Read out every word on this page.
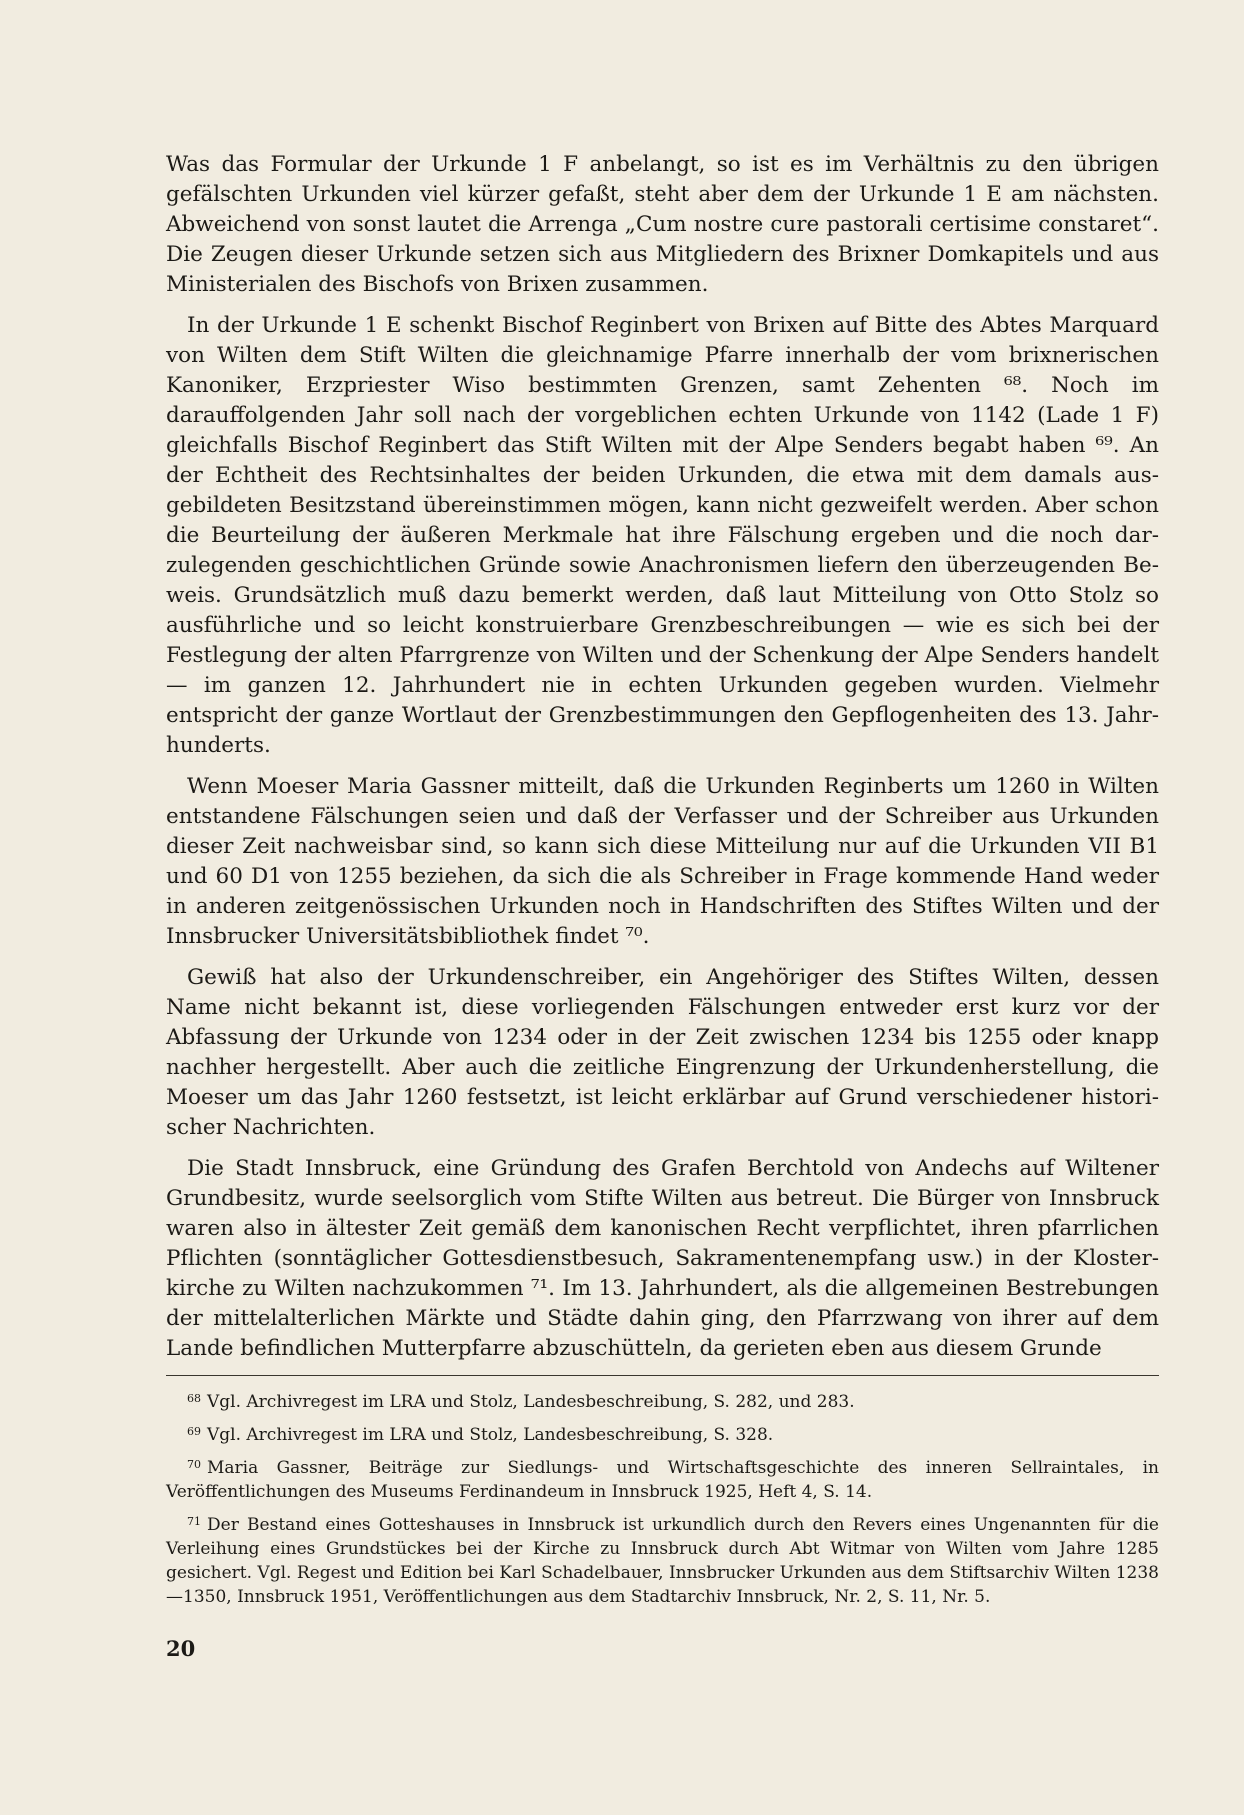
Was das Formular der Urkunde 1 F anbelangt, so ist es im Verhältnis zu den übrigen gefälschten Urkunden viel kürzer gefaßt, steht aber dem der Urkunde 1 E am nächsten. Abweichend von sonst lautet die Arrenga „Cum nostre cure pastorali certisime constaret“. Die Zeugen dieser Urkunde setzen sich aus Mitgliedern des Brixner Domkapitels und aus Ministerialen des Bischofs von Brixen zusammen.

In der Urkunde 1 E schenkt Bischof Reginbert von Brixen auf Bitte des Abtes Marquard von Wilten dem Stift Wilten die gleichnamige Pfarre innerhalb der vom brixnerischen Kanoniker, Erzpriester Wiso bestimmten Grenzen, samt Zehenten ⁶⁸. Noch im darauffolgenden Jahr soll nach der vorgeblichen echten Urkunde von 1142 (Lade 1 F) gleichfalls Bischof Reginbert das Stift Wilten mit der Alpe Senders begabt haben ⁶⁹. An der Echtheit des Rechtsinhaltes der beiden Urkunden, die etwa mit dem damals ausgebildeten Besitzstand übereinstimmen mögen, kann nicht gezweifelt werden. Aber schon die Beurteilung der äußeren Merkmale hat ihre Fälschung ergeben und die noch darzulegenden geschichtlichen Gründe sowie Anachronismen liefern den überzeugenden Beweis. Grundsätzlich muß dazu bemerkt werden, daß laut Mitteilung von Otto Stolz so ausführliche und so leicht konstruierbare Grenzbeschreibungen — wie es sich bei der Festlegung der alten Pfarrgrenze von Wilten und der Schenkung der Alpe Senders handelt — im ganzen 12. Jahrhundert nie in echten Urkunden gegeben wurden. Vielmehr entspricht der ganze Wortlaut der Grenzbestimmungen den Gepflogenheiten des 13. Jahrhunderts.

Wenn Moeser Maria Gassner mitteilt, daß die Urkunden Reginberts um 1260 in Wilten entstandene Fälschungen seien und daß der Verfasser und der Schreiber aus Urkunden dieser Zeit nachweisbar sind, so kann sich diese Mitteilung nur auf die Urkunden VII B1 und 60 D1 von 1255 beziehen, da sich die als Schreiber in Frage kommende Hand weder in anderen zeitgenössischen Urkunden noch in Handschriften des Stiftes Wilten und der Innsbrucker Universitätsbibliothek findet ⁷⁰.

Gewiß hat also der Urkundenschreiber, ein Angehöriger des Stiftes Wilten, dessen Name nicht bekannt ist, diese vorliegenden Fälschungen entweder erst kurz vor der Abfassung der Urkunde von 1234 oder in der Zeit zwischen 1234 bis 1255 oder knapp nachher hergestellt. Aber auch die zeitliche Eingrenzung der Urkundenherstellung, die Moeser um das Jahr 1260 festsetzt, ist leicht erklärbar auf Grund verschiedener historischer Nachrichten.

Die Stadt Innsbruck, eine Gründung des Grafen Berchtold von Andechs auf Wiltener Grundbesitz, wurde seelsorglich vom Stifte Wilten aus betreut. Die Bürger von Innsbruck waren also in ältester Zeit gemäß dem kanonischen Recht verpflichtet, ihren pfarrlichen Pflichten (sonntäglicher Gottesdienstbesuch, Sakramentenempfang usw.) in der Klosterkirche zu Wilten nachzukommen ⁷¹. Im 13. Jahrhundert, als die allgemeinen Bestrebungen der mittelalterlichen Märkte und Städte dahin ging, den Pfarrzwang von ihrer auf dem Lande befindlichen Mutterpfarre abzuschütteln, da gerieten eben aus diesem Grunde

$^{68}$ Vgl. Archivregest im LRA und Stolz, Landesbeschreibung, S. 282, und 283.

$^{69}$ Vgl. Archivregest im LRA und Stolz, Landesbeschreibung, S. 328.

$^{70}$ Maria Gassner, Beiträge zur Siedlungs- und Wirtschaftsgeschichte des inneren Sellraintales, in Veröffentlichungen des Museums Ferdinandeum in Innsbruck 1925, Heft 4, S. 14.

$^{71}$ Der Bestand eines Gotteshauses in Innsbruck ist urkundlich durch den Revers eines Ungenannten für die Verleihung eines Grundstückes bei der Kirche zu Innsbruck durch Abt Witmar von Wilten vom Jahre 1285 gesichert. Vgl. Regest und Edition bei Karl Schadelbauer, Innsbrucker Urkunden aus dem Stiftsarchiv Wilten 1238—1350, Innsbruck 1951, Veröffentlichungen aus dem Stadtarchiv Innsbruck, Nr. 2, S. 11, Nr. 5.

20
